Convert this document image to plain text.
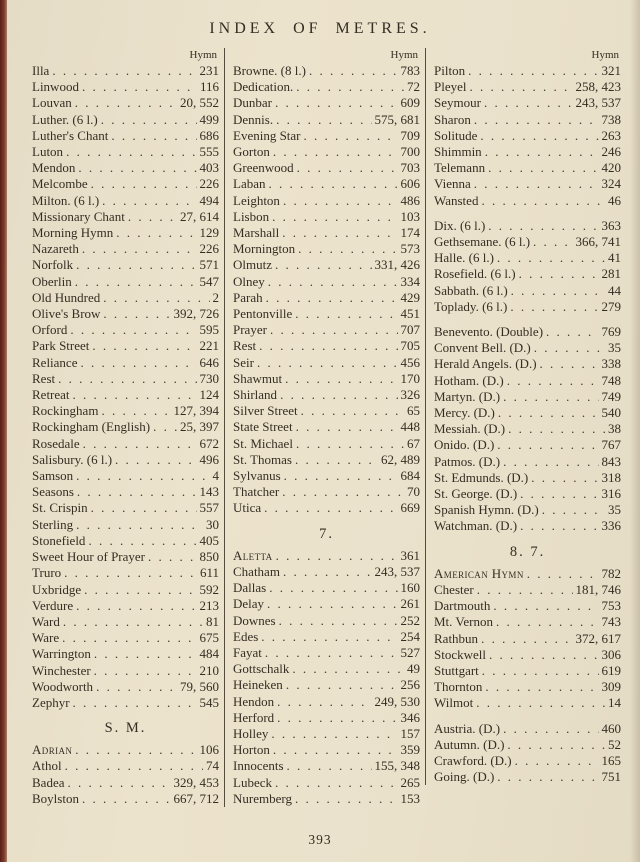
INDEX OF METRES.
Hymn
Illa . . .	231
Linwood . . .	116
Louvan . . .	20, 552
Luther. (6 l.) . . .	499
Luther's Chant . . .	686
Luton . . .	555
Mendon . . .	403
Melcombe . . .	226
Milton. (6 l.) . . .	494
Missionary Chant . . .	27, 614
Morning Hymn . . .	129
Nazareth . . .	226
Norfolk . . .	571
Oberlin . . .	547
Old Hundred . . .	2
Olive's Brow . . .	392, 726
Orford . . .	595
Park Street . . .	221
Reliance . . .	646
Rest . . .	730
Retreat . . .	124
Rockingham . . .	127, 394
Rockingham (English) . . . 25, 397
Rosedale . . .	672
Salisbury. (6 l.) . . .	496
Samson . . .	4
Seasons . . .	143
St. Crispin . . .	557
Sterling . . .	30
Stonefield . . .	405
Sweet Hour of Prayer . . .	850
Truro . . .	611
Uxbridge . . .	592
Verdure . . .	213
Ward . . .	81
Ware . . .	675
Warrington . . .	484
Winchester . . .	210
Woodworth . . .	79, 560
Zephyr . . .	545
S. M.
Adrian . . .	106
Athol . . .	74
Badea . . .	329, 453
Boylston . . .	667, 712
Hymn
Browne. (8 l.) . . .	783
Dedication. . . .	72
Dunbar . . .	609
Dennis. . . .	575, 681
Evening Star . . .	709
Gorton . . .	700
Greenwood . . .	703
Laban . . .	606
Leighton . . .	486
Lisbon . . .	103
Marshall . . .	174
Mornington . . .	573
Olmutz . . .	331, 426
Olney . . .	334
Parah . . .	429
Pentonville . . .	451
Prayer . . .	707
Rest . . .	705
Seir . . .	456
Shawmut . . .	170
Shirland . . .	326
Silver Street . . .	65
State Street . . .	448
St. Michael . . .	67
St. Thomas . . .	62, 489
Sylvanus . . .	684
Thatcher . . .	70
Utica . . .	669
7.
Aletta . . .	361
Chatham . . .	243, 537
Dallas . . .	160
Delay . . .	261
Downes . . .	252
Edes . . .	254
Fayat . . .	527
Gottschalk . . .	49
Heineken . . .	256
Hendon . . .	249, 530
Herford . . .	346
Holley . . .	157
Horton . . .	359
Innocents . . .	155, 348
Lubeck . . .	265
Nuremberg . . .	153
Hymn
Pilton . . .	321
Pleyel . . .	258, 423
Seymour . . .	243, 537
Sharon . . .	738
Solitude . . .	263
Shimmin . . .	246
Telemann . . .	420
Vienna . . .	324
Wansted . . .	46
Dix. (6 l.) . . .	363
Gethsemane. (6 l.) . . .	366, 741
Halle. (6 l.) . . .	41
Rosefield. (6 l.) . . .	281
Sabbath. (6 l.) . . .	44
Toplady. (6 l.) . . .	279
Benevento. (Double) . . .	769
Convent Bell. (D.) . . .	35
Herald Angels. (D.) . . .	338
Hotham. (D.) . . .	748
Martyn. (D.) . . .	749
Mercy. (D.) . . .	540
Messiah. (D.) . . .	38
Onido. (D.) . . .	767
Patmos. (D.) . . .	843
St. Edmunds. (D.) . . .	318
St. George. (D.) . . .	316
Spanish Hymn. (D.) . . .	35
Watchman. (D.) . . .	336
8. 7.
American Hymn . . .	782
Chester . . .	181, 746
Dartmouth . . .	753
Mt. Vernon . . .	743
Rathbun . . .	372, 617
Stockwell . . .	306
Stuttgart . . .	619
Thornton . . .	309
Wilmot . . .	14
Austria. (D.) . . .	460
Autumn. (D.) . . .	52
Crawford. (D.) . . .	165
Going. (D.) . . .	751
393
